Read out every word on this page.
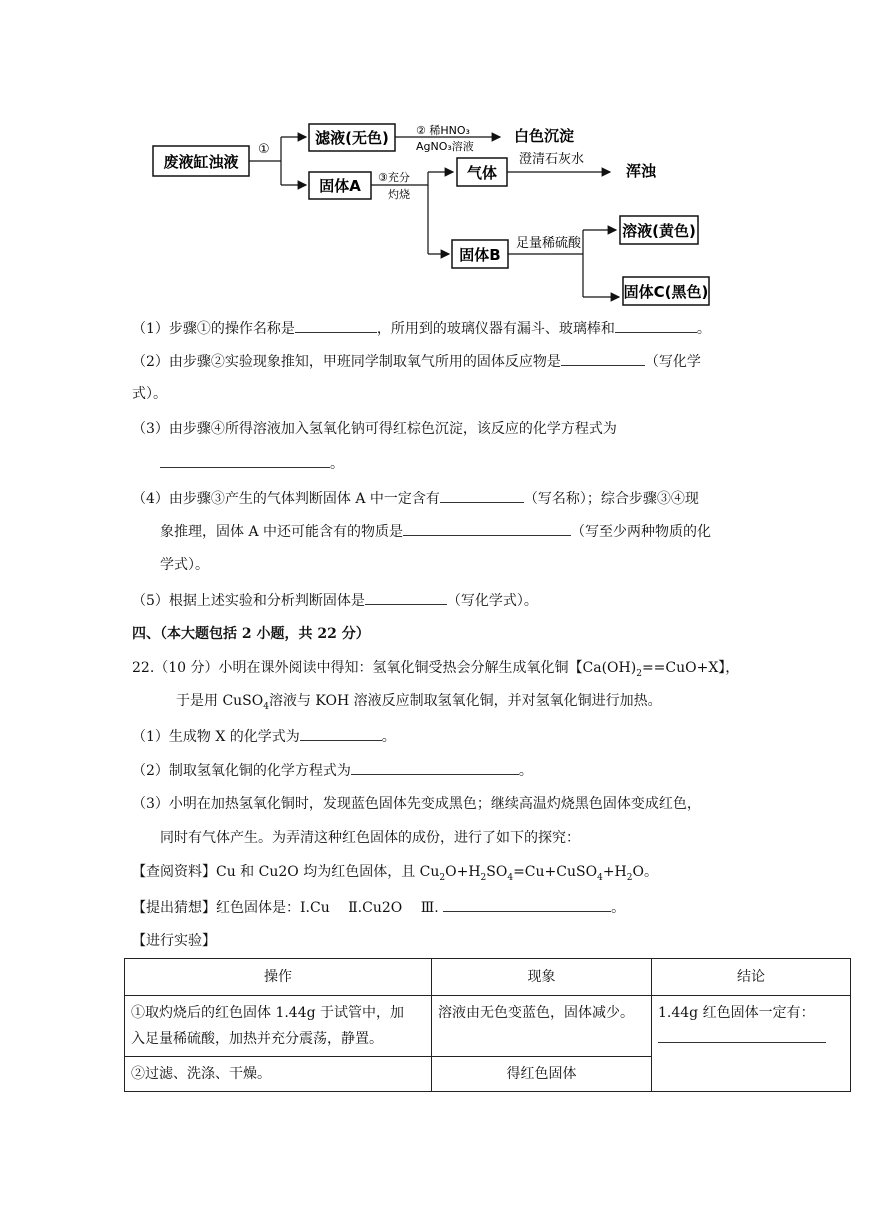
废液缸浊液
①
滤液(无色) ② 稀HNO₃
AgNO₃溶液
白色沉淀
固体A ③充分
灼烧
气体
澄清石灰水
浑浊
固体B
足量稀硫酸
溶液(黄色)
固体C(黑色)
（1）步骤①的操作名称是	，所用到的玻璃仪器有漏斗、玻璃棒和	。
（2）由步骤②实验现象推知，甲班同学制取氧气所用的固体反应物是	（写化学
式）。
（3）由步骤④所得溶液加入氢氧化钠可得红棕色沉淀，该反应的化学方程式为
。
（4）由步骤③产生的气体判断固体 A 中一定含有	（写名称）；综合步骤③④现
象推理，固体 A 中还可能含有的物质是	（写至少两种物质的化
学式）。
（5）根据上述实验和分析判断固体是	（写化学式）。
四、（本大题包括 2 小题，共 22 分）
22.（10 分）小明在课外阅读中得知：氢氧化铜受热会分解生成氧化铜【$Ca(OH)_2==CuO+X$】，
于是用 CuSO$_4$溶液与 KOH 溶液反应制取氢氧化铜，并对氢氧化铜进行加热。
（1）生成物 X 的化学式为	。
（2）制取氢氧化铜的化学方程式为	。
（3）小明在加热氢氧化铜时，发现蓝色固体先变成黑色；继续高温灼烧黑色固体变成红色，
同时有气体产生。为弄清这种红色固体的成份，进行了如下的探究：
【查阅资料】Cu 和 Cu2O 均为红色固体，且 $Cu_2O+H_2SO_4=Cu+CuSO_4+H_2O$。
【提出猜想】红色固体是：Ⅰ.Cu　 Ⅱ.Cu2O　 Ⅲ.	。
【进行实验】
操作	现象	结论

①取灼烧后的红色固体 1.44g 于试管中，加
入足量稀硫酸，加热并充分震荡，静置。	溶液由无色变蓝色，固体减少。	1.44g 红色固体一定有：

②过滤、洗涤、干燥。	得红色固体	
